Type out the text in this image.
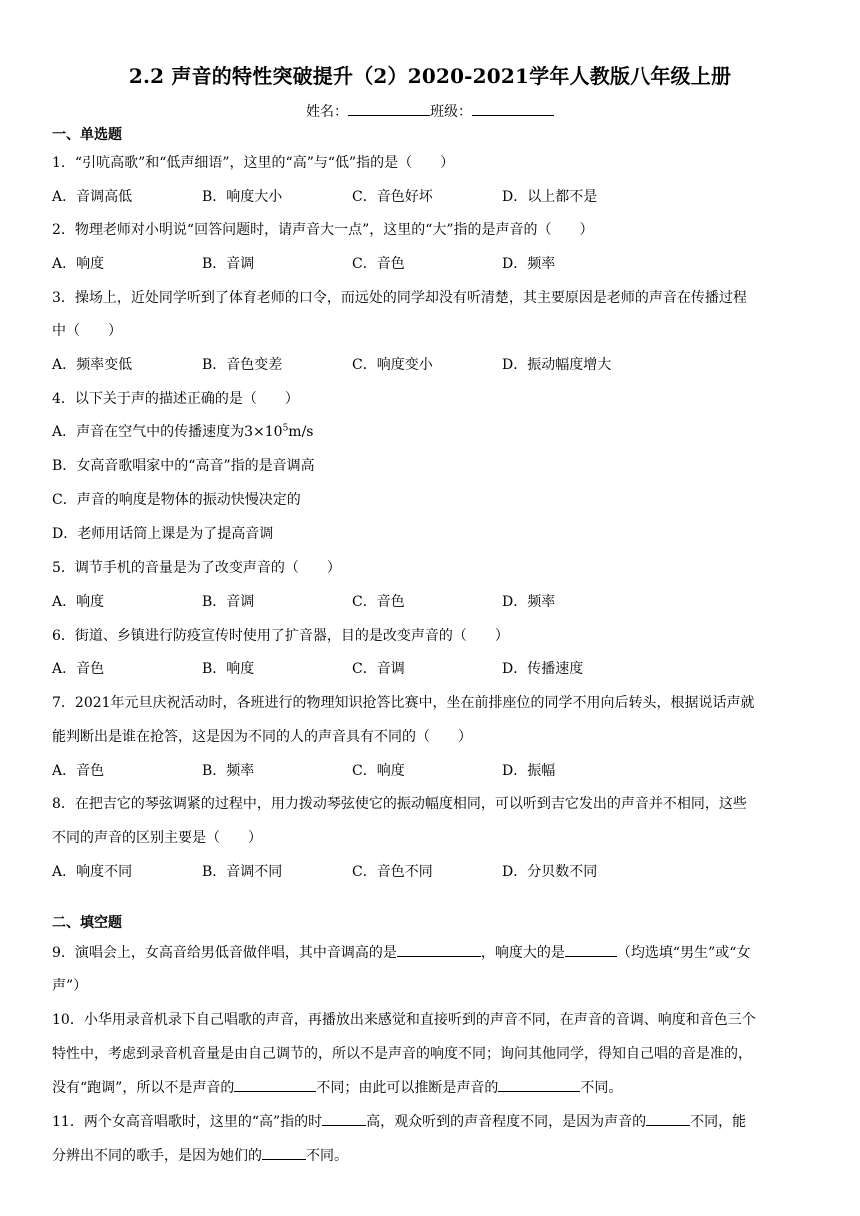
2.2 声音的特性突破提升（2）2020-2021学年人教版八年级上册
姓名：	班级：
一、单选题
1．“引吭高歌”和“低声细语”，这里的“高”与“低”指的是（　　）
A．音调高低	B．响度大小	C．音色好坏	D．以上都不是
2．物理老师对小明说“回答问题时，请声音大一点”，这里的“大”指的是声音的（　　）
A．响度	B．音调	C．音色	D．频率
3．操场上，近处同学听到了体育老师的口令，而远处的同学却没有听清楚，其主要原因是老师的声音在传播过程
中（　　）
A．频率变低	B．音色变差	C．响度变小	D．振动幅度增大
4．以下关于声的描述正确的是（　　）
A．声音在空气中的传播速度为$3\times 10^5m/s$
B．女高音歌唱家中的“高音”指的是音调高
C．声音的响度是物体的振动快慢决定的
D．老师用话筒上课是为了提高音调
5．调节手机的音量是为了改变声音的（　　）
A．响度	B．音调	C．音色	D．频率
6．街道、乡镇进行防疫宣传时使用了扩音器，目的是改变声音的（　　）
A．音色	B．响度	C．音调	D．传播速度
7．2021年元旦庆祝活动时，各班进行的物理知识抢答比赛中，坐在前排座位的同学不用向后转头，根据说话声就
能判断出是谁在抢答，这是因为不同的人的声音具有不同的（　　）
A．音色	B．频率	C．响度	D．振幅
8．在把吉它的琴弦调紧的过程中，用力拨动琴弦使它的振动幅度相同，可以听到吉它发出的声音并不相同，这些
不同的声音的区别主要是（　　）
A．响度不同	B．音调不同	C．音色不同	D．分贝数不同
二、填空题
9．演唱会上，女高音给男低音做伴唱，其中音调高的是	，响度大的是	（均选填“男生”或“女
声”）
10．小华用录音机录下自己唱歌的声音，再播放出来感觉和直接听到的声音不同，在声音的音调、响度和音色三个
特性中，考虑到录音机音量是由自己调节的，所以不是声音的响度不同；询问其他同学，得知自己唱的音是准的，
没有“跑调”，所以不是声音的	不同；由此可以推断是声音的	不同。
11．两个女高音唱歌时，这里的“高”指的时	高，观众听到的声音程度不同，是因为声音的	不同，能
分辨出不同的歌手，是因为她们的	不同。
